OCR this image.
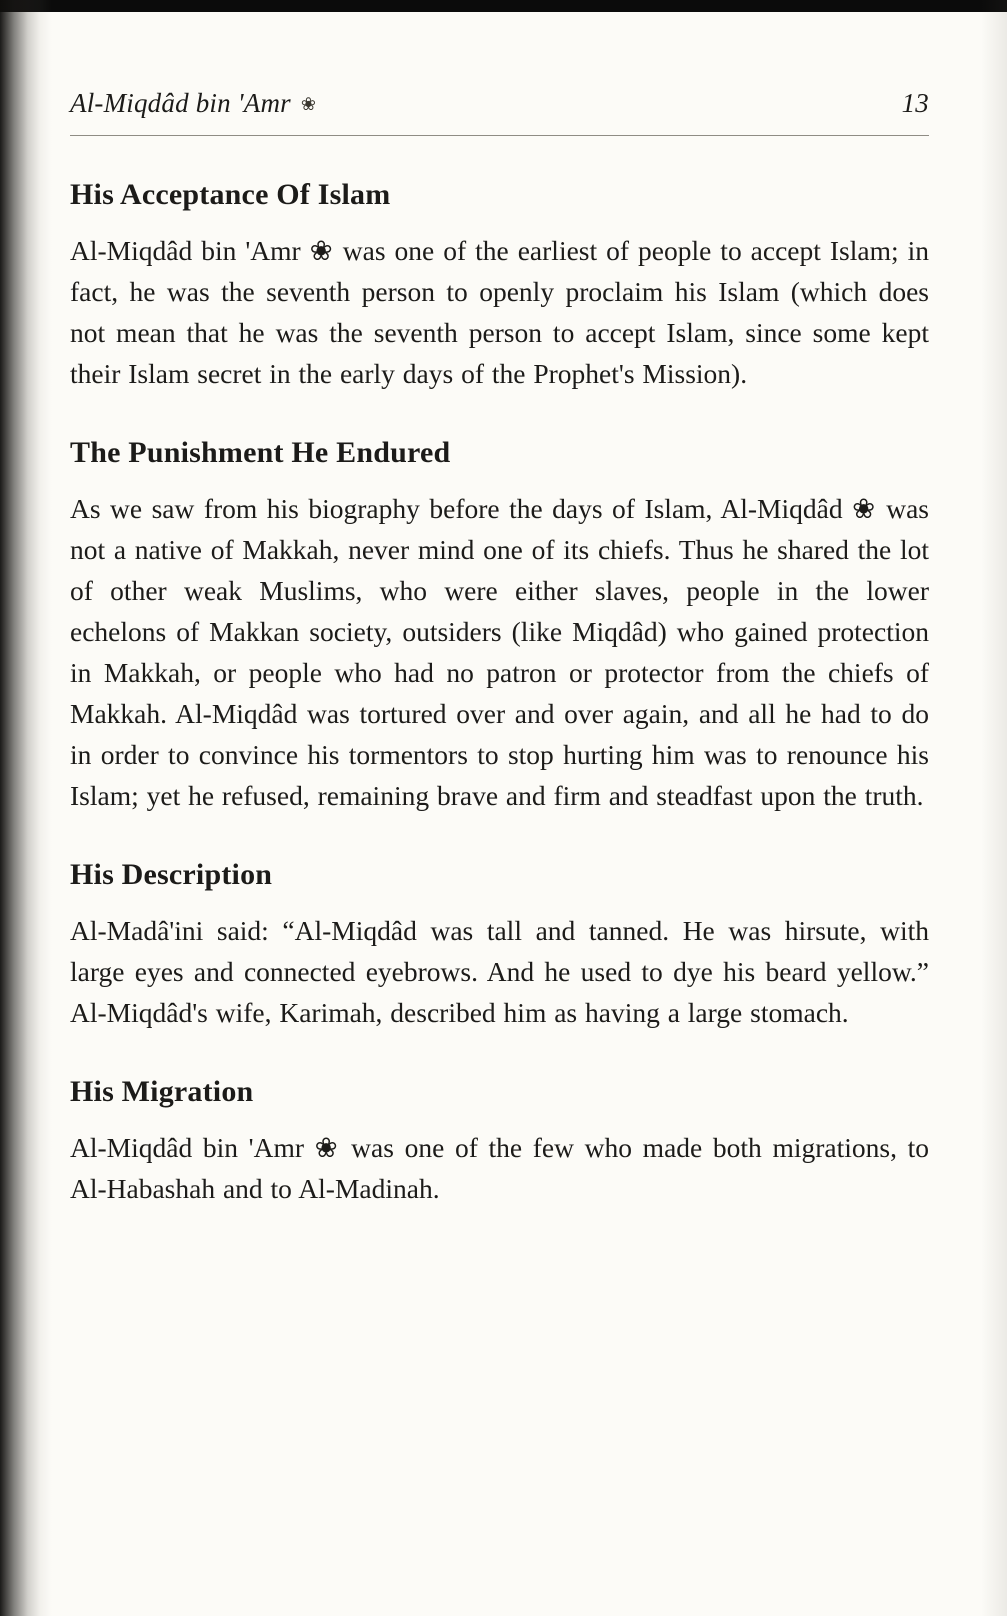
Al-Miqdâd bin 'Amr ❀	13
His Acceptance Of Islam

Al-Miqdâd bin 'Amr ❀ was one of the earliest of people to accept Islam; in fact, he was the seventh person to openly proclaim his Islam (which does not mean that he was the seventh person to accept Islam, since some kept their Islam secret in the early days of the Prophet's Mission).

The Punishment He Endured

As we saw from his biography before the days of Islam, Al-Miqdâd ❀ was not a native of Makkah, never mind one of its chiefs. Thus he shared the lot of other weak Muslims, who were either slaves, people in the lower echelons of Makkan society, outsiders (like Miqdâd) who gained protection in Makkah, or people who had no patron or protector from the chiefs of Makkah. Al-Miqdâd was tortured over and over again, and all he had to do in order to convince his tormentors to stop hurting him was to renounce his Islam; yet he refused, remaining brave and firm and steadfast upon the truth.

His Description

Al-Madâ'ini said: “Al-Miqdâd was tall and tanned. He was hirsute, with large eyes and connected eyebrows. And he used to dye his beard yellow.” Al-Miqdâd's wife, Karimah, described him as having a large stomach.

His Migration

Al-Miqdâd bin 'Amr ❀ was one of the few who made both migrations, to Al-Habashah and to Al-Madinah.
